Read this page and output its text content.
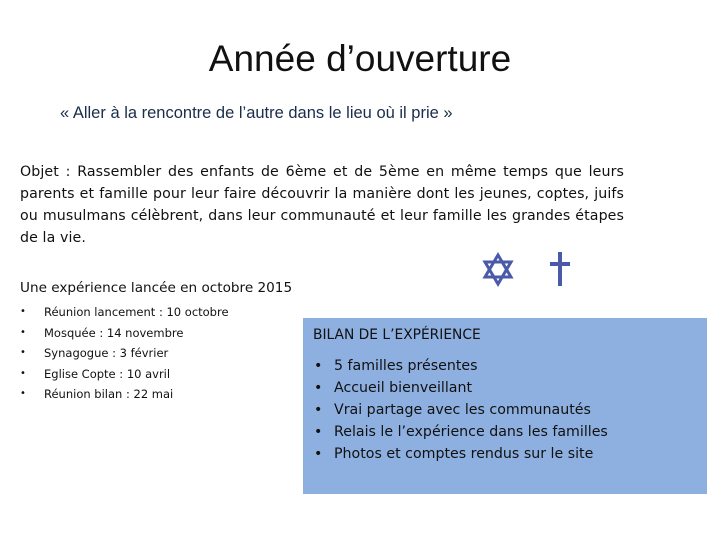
Année d’ouverture
« Aller à la rencontre de l’autre dans le lieu où il prie »
Objet : Rassembler des enfants de 6ème et de 5ème en même temps que leurs parents et famille pour leur faire découvrir la manière dont les jeunes, coptes, juifs ou musulmans célèbrent, dans leur communauté et leur famille les grandes étapes de la vie.
Une expérience lancée en octobre 2015
• Réunion lancement : 10 octobre
• Mosquée : 14 novembre
• Synagogue : 3 février
• Eglise Copte : 10 avril
• Réunion bilan : 22 mai
BILAN DE L’EXPÉRIENCE
• 5 familles présentes
• Accueil bienveillant
• Vrai partage avec les communautés
• Relais le l’expérience dans les familles
• Photos et comptes rendus sur le site
